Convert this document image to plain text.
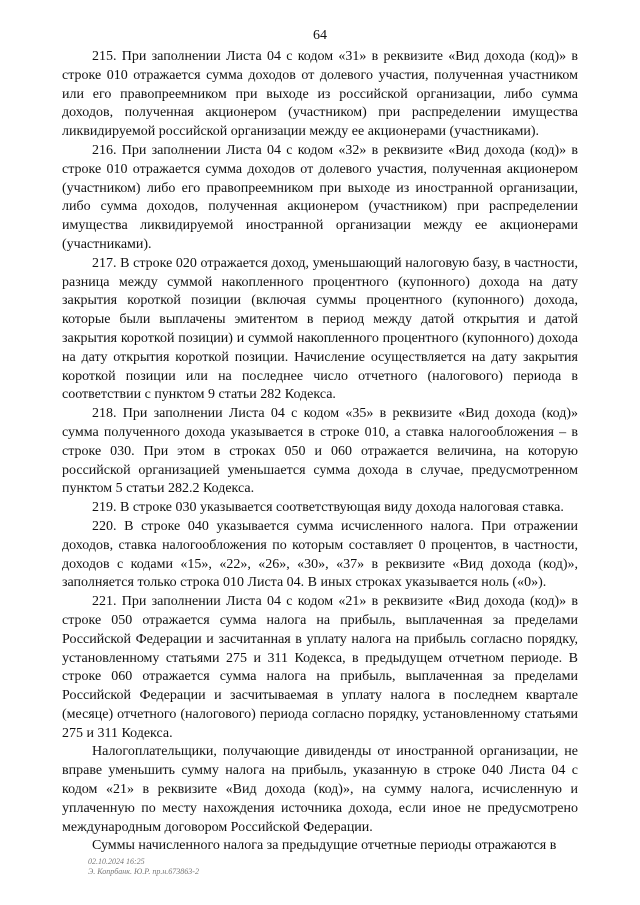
64

215. При заполнении Листа 04 с кодом «31» в реквизите «Вид дохода (код)» в строке 010 отражается сумма доходов от долевого участия, полученная участником или его правопреемником при выходе из российской организации, либо сумма доходов, полученная акционером (участником) при распределении имущества ликвидируемой российской организации между ее акционерами (участниками).

216. При заполнении Листа 04 с кодом «32» в реквизите «Вид дохода (код)» в строке 010 отражается сумма доходов от долевого участия, полученная акционером (участником) либо его правопреемником при выходе из иностранной организации, либо сумма доходов, полученная акционером (участником) при распределении имущества ликвидируемой иностранной организации между ее акционерами (участниками).

217. В строке 020 отражается доход, уменьшающий налоговую базу, в частности, разница между суммой накопленного процентного (купонного) дохода на дату закрытия короткой позиции (включая суммы процентного (купонного) дохода, которые были выплачены эмитентом в период между датой открытия и датой закрытия короткой позиции) и суммой накопленного процентного (купонного) дохода на дату открытия короткой позиции. Начисление осуществляется на дату закрытия короткой позиции или на последнее число отчетного (налогового) периода в соответствии с пунктом 9 статьи 282 Кодекса.

218. При заполнении Листа 04 с кодом «35» в реквизите «Вид дохода (код)» сумма полученного дохода указывается в строке 010, а ставка налогообложения – в строке 030. При этом в строках 050 и 060 отражается величина, на которую российской организацией уменьшается сумма дохода в случае, предусмотренном пунктом 5 статьи 282.2 Кодекса.

219. В строке 030 указывается соответствующая виду дохода налоговая ставка.

220. В строке 040 указывается сумма исчисленного налога. При отражении доходов, ставка налогообложения по которым составляет 0 процентов, в частности, доходов с кодами «15», «22», «26», «30», «37» в реквизите «Вид дохода (код)», заполняется только строка 010 Листа 04. В иных строках указывается ноль («0»).

221. При заполнении Листа 04 с кодом «21» в реквизите «Вид дохода (код)» в строке 050 отражается сумма налога на прибыль, выплаченная за пределами Российской Федерации и засчитанная в уплату налога на прибыль согласно порядку, установленному статьями 275 и 311 Кодекса, в предыдущем отчетном периоде. В строке 060 отражается сумма налога на прибыль, выплаченная за пределами Российской Федерации и засчитываемая в уплату налога в последнем квартале (месяце) отчетного (налогового) периода согласно порядку, установленному статьями 275 и 311 Кодекса.

Налогоплательщики, получающие дивиденды от иностранной организации, не вправе уменьшить сумму налога на прибыль, указанную в строке 040 Листа 04 с кодом «21» в реквизите «Вид дохода (код)», на сумму налога, исчисленную и уплаченную по месту нахождения источника дохода, если иное не предусмотрено международным договором Российской Федерации.

Суммы начисленного налога за предыдущие отчетные периоды отражаются в

02.10.2024 16:25
Э. Копрбанк. Ю.Р. пр.н.673863-2
